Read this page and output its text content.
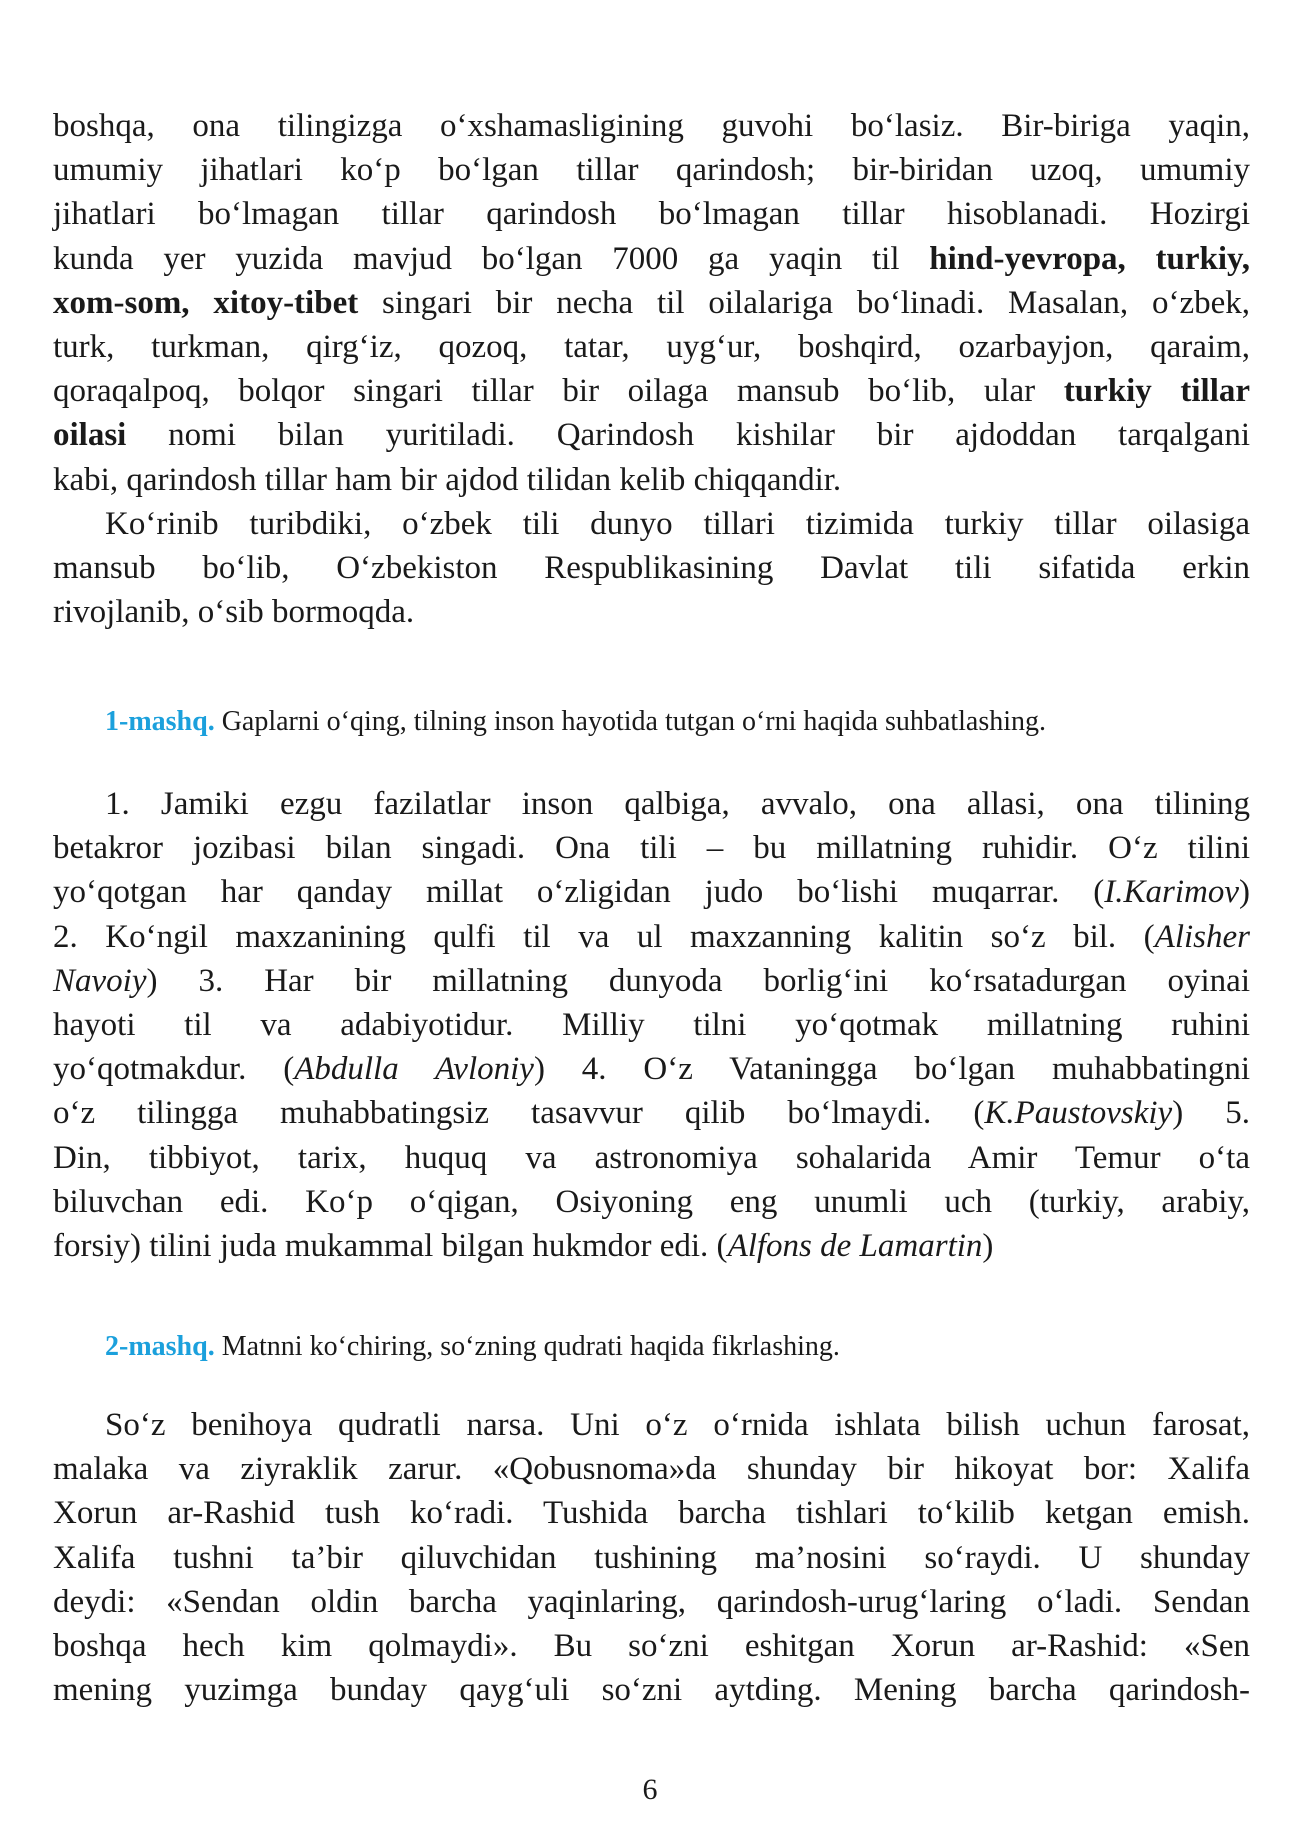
boshqa, ona tilingizga o‘xshamasligining guvohi bo‘lasiz. Bir-biriga yaqin,
umumiy jihatlari ko‘p bo‘lgan tillar qarindosh; bir-biridan uzoq, umumiy
jihatlari bo‘lmagan tillar qarindosh bo‘lmagan tillar hisoblanadi. Hozirgi
kunda yer yuzida mavjud bo‘lgan 7000 ga yaqin til hind-yevropa, turkiy,
xom-som, xitoy-tibet singari bir necha til oilalariga bo‘linadi. Masalan, o‘zbek,
turk, turkman, qirg‘iz, qozoq, tatar, uyg‘ur, boshqird, ozarbayjon, qaraim,
qoraqalpoq, bolqor singari tillar bir oilaga mansub bo‘lib, ular turkiy tillar
oilasi nomi bilan yuritiladi. Qarindosh kishilar bir ajdoddan tarqalgani
kabi, qarindosh tillar ham bir ajdod tilidan kelib chiqqandir.
Ko‘rinib turibdiki, o‘zbek tili dunyo tillari tizimida turkiy tillar oilasiga
mansub bo‘lib, O‘zbekiston Respublikasining Davlat tili sifatida erkin
rivojlanib, o‘sib bormoqda.
1-mashq. Gaplarni o‘qing, tilning inson hayotida tutgan o‘rni haqida suhbatlashing.
1. Jamiki ezgu fazilatlar inson qalbiga, avvalo, ona allasi, ona tilining
betakror jozibasi bilan singadi. Ona tili – bu millatning ruhidir. O‘z tilini
yo‘qotgan har qanday millat o‘zligidan judo bo‘lishi muqarrar. (I.Karimov)
2. Ko‘ngil maxzanining qulfi til va ul maxzanning kalitin so‘z bil. (Alisher
Navoiy) 3. Har bir millatning dunyoda borlig‘ini ko‘rsatadurgan oyinai
hayoti til va adabiyotidur. Milliy tilni yo‘qotmak millatning ruhini
yo‘qotmakdur. (Abdulla Avloniy) 4. O‘z Vataningga bo‘lgan muhabbatingni
o‘z tilingga muhabbatingsiz tasavvur qilib bo‘lmaydi. (K.Paustovskiy) 5.
Din, tibbiyot, tarix, huquq va astronomiya sohalarida Amir Temur o‘ta
biluvchan edi. Ko‘p o‘qigan, Osiyoning eng unumli uch (turkiy, arabiy,
forsiy) tilini juda mukammal bilgan hukmdor edi. (Alfons de Lamartin)
2-mashq. Matnni ko‘chiring, so‘zning qudrati haqida fikrlashing.
So‘z benihoya qudratli narsa. Uni o‘z o‘rnida ishlata bilish uchun farosat,
malaka va ziyraklik zarur. «Qobusnoma»da shunday bir hikoyat bor: Xalifa
Xorun ar-Rashid tush ko‘radi. Tushida barcha tishlari to‘kilib ketgan emish.
Xalifa tushni ta’bir qiluvchidan tushining ma’nosini so‘raydi. U shunday
deydi: «Sendan oldin barcha yaqinlaring, qarindosh-urug‘laring o‘ladi. Sendan
boshqa hech kim qolmaydi». Bu so‘zni eshitgan Xorun ar-Rashid: «Sen
mening yuzimga bunday qayg‘uli so‘zni aytding. Mening barcha qarindosh-
6
